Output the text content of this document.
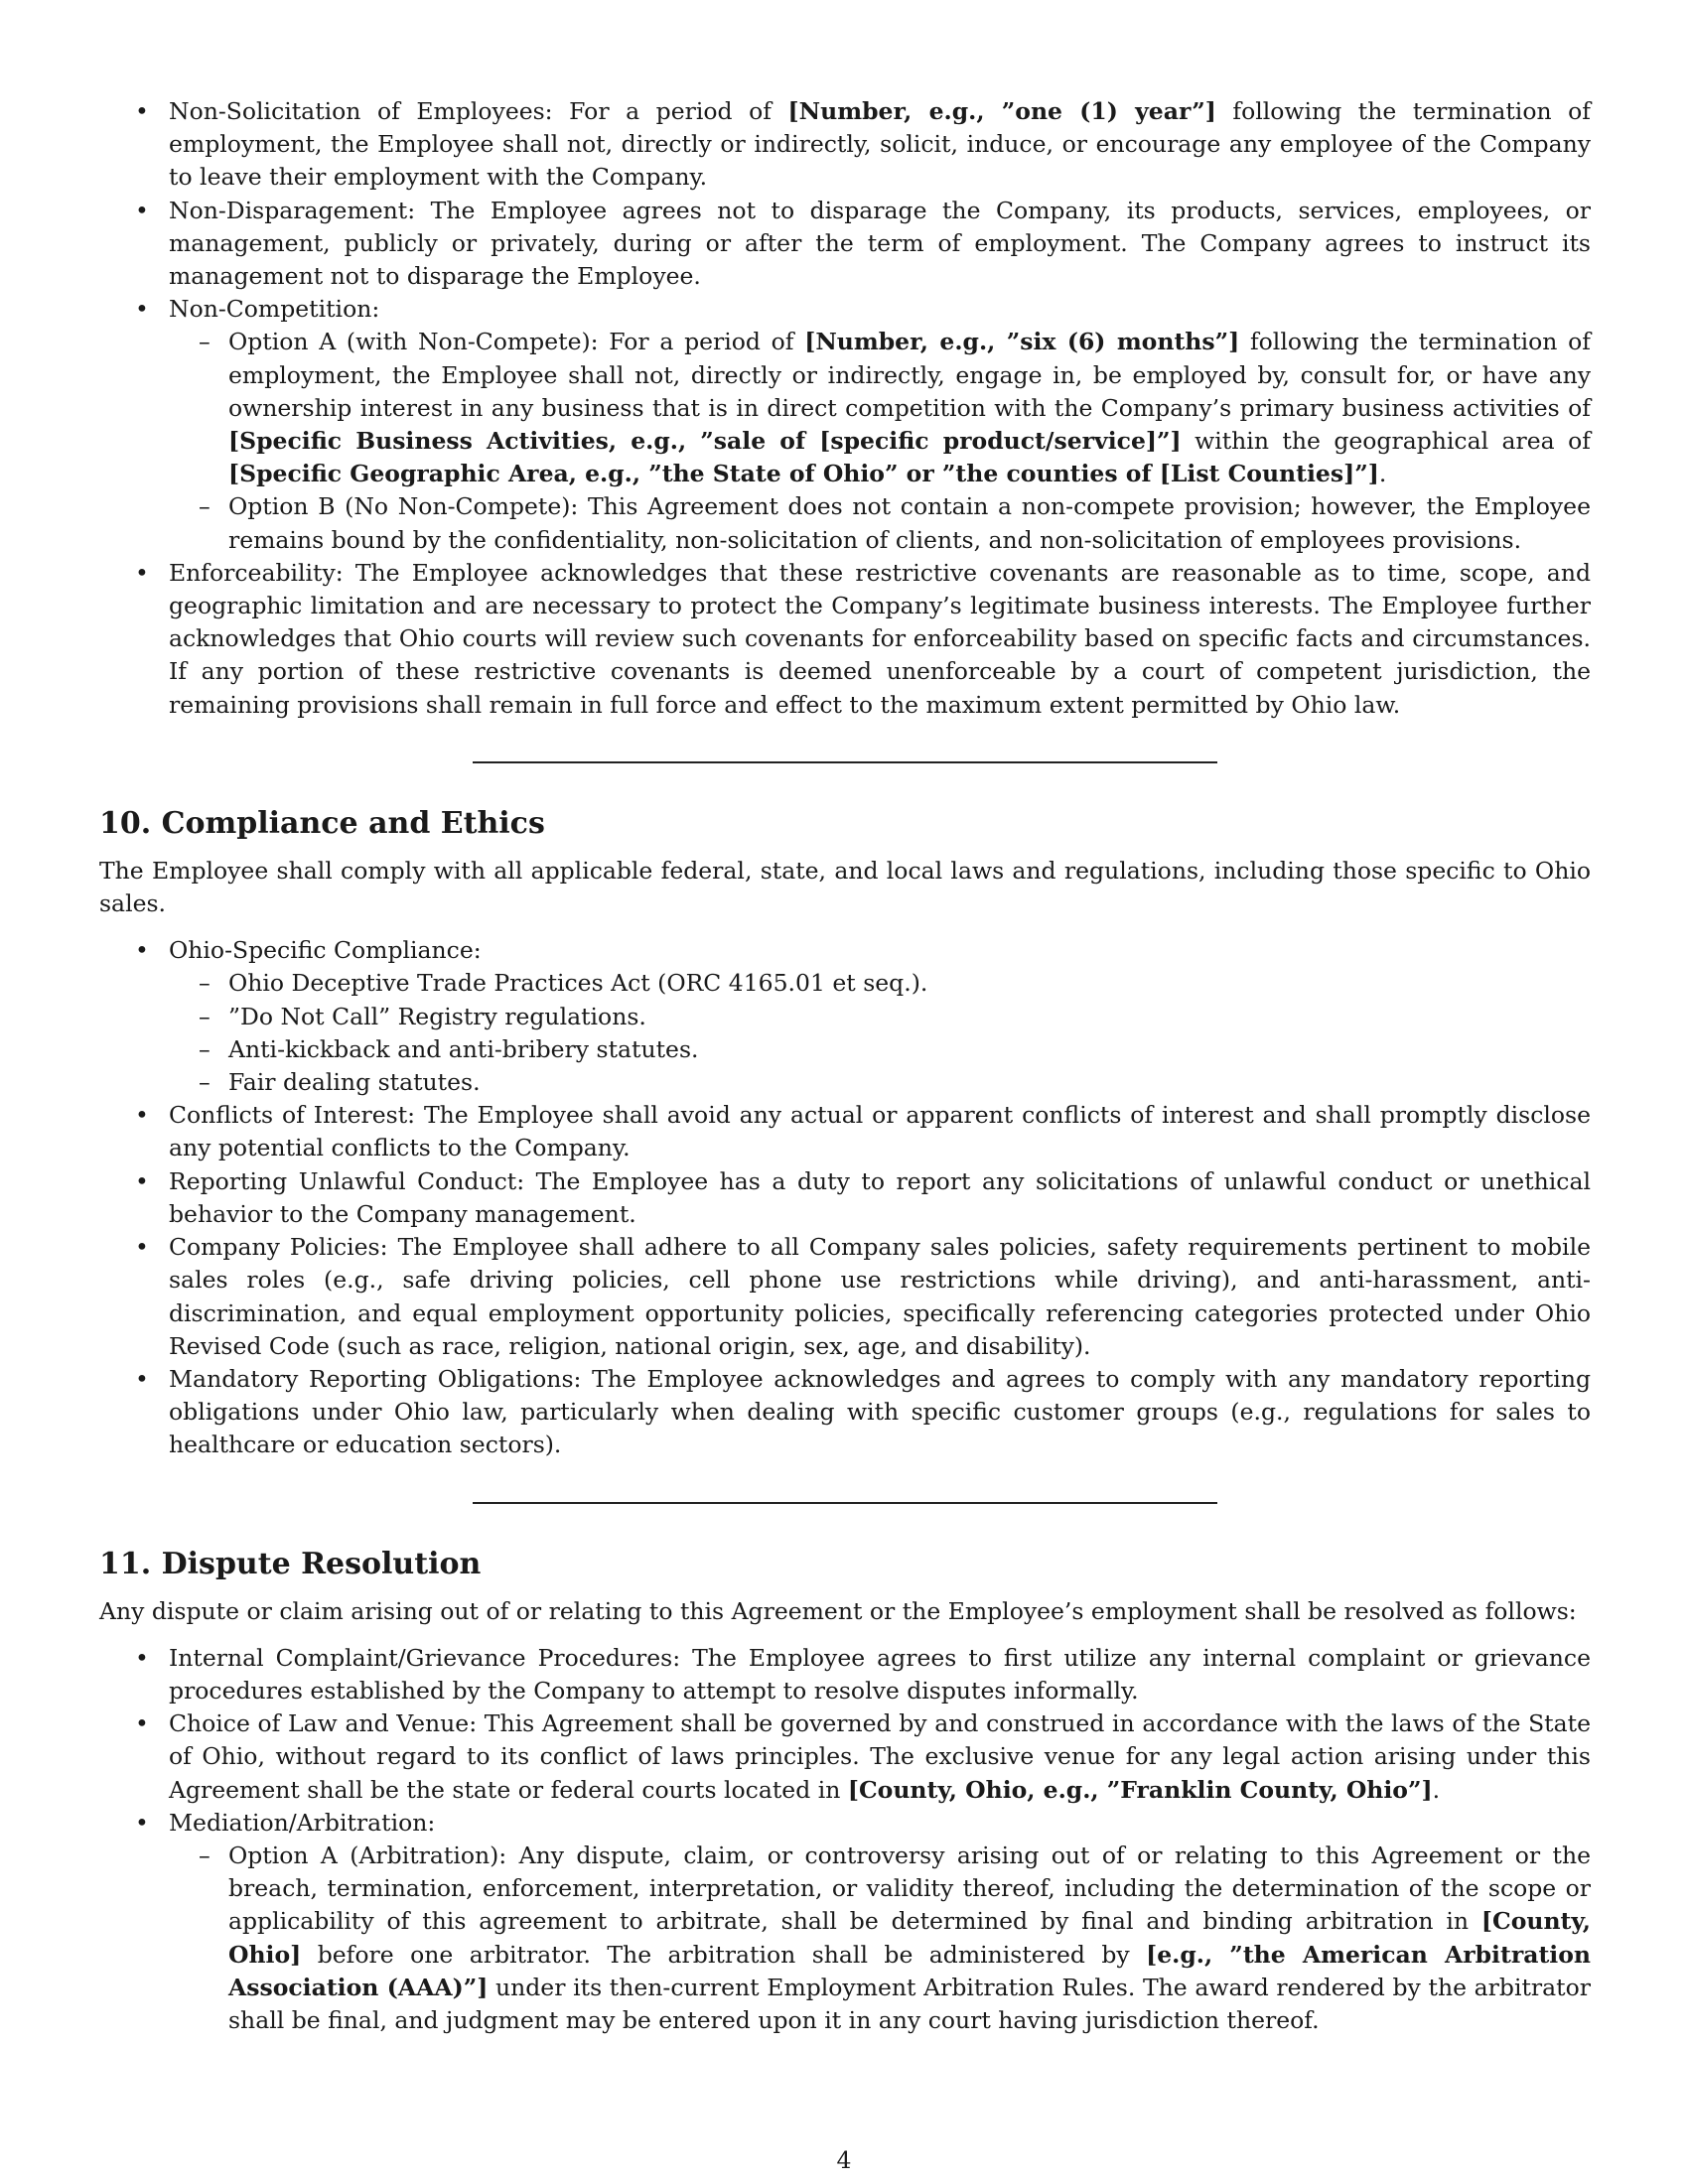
• Non-Solicitation of Employees: For a period of [Number, e.g., ”one (1) year”] following the termination of employment, the Employee shall not, directly or indirectly, solicit, induce, or encourage any employee of the Company to leave their employment with the Company.
• Non-Disparagement: The Employee agrees not to disparage the Company, its products, services, employees, or management, publicly or privately, during or after the term of employment. The Company agrees to instruct its management not to disparage the Employee.
• Non-Competition:
– Option A (with Non-Compete): For a period of [Number, e.g., ”six (6) months”] following the termination of employment, the Employee shall not, directly or indirectly, engage in, be employed by, consult for, or have any ownership interest in any business that is in direct competition with the Company’s primary business activities of [Specific Business Activities, e.g., ”sale of [specific product/service]”] within the geographical area of [Specific Geographic Area, e.g., ”the State of Ohio” or ”the counties of [List Counties]”].
– Option B (No Non-Compete): This Agreement does not contain a non-compete provision; however, the Employee remains bound by the confidentiality, non-solicitation of clients, and non-solicitation of employees provisions.
• Enforceability: The Employee acknowledges that these restrictive covenants are reasonable as to time, scope, and geographic limitation and are necessary to protect the Company’s legitimate business interests. The Employee further acknowledges that Ohio courts will review such covenants for enforceability based on specific facts and circumstances. If any portion of these restrictive covenants is deemed unenforceable by a court of competent jurisdiction, the remaining provisions shall remain in full force and effect to the maximum extent permitted by Ohio law.
10. Compliance and Ethics

The Employee shall comply with all applicable federal, state, and local laws and regulations, including those specific to Ohio sales.

• Ohio-Specific Compliance:
– Ohio Deceptive Trade Practices Act (ORC 4165.01 et seq.).
– ”Do Not Call” Registry regulations.
– Anti-kickback and anti-bribery statutes.
– Fair dealing statutes.
• Conflicts of Interest: The Employee shall avoid any actual or apparent conflicts of interest and shall promptly disclose any potential conflicts to the Company.
• Reporting Unlawful Conduct: The Employee has a duty to report any solicitations of unlawful conduct or unethical behavior to the Company management.
• Company Policies: The Employee shall adhere to all Company sales policies, safety requirements pertinent to mobile sales roles (e.g., safe driving policies, cell phone use restrictions while driving), and anti-harassment, anti-discrimination, and equal employment opportunity policies, specifically referencing categories protected under Ohio Revised Code (such as race, religion, national origin, sex, age, and disability).
• Mandatory Reporting Obligations: The Employee acknowledges and agrees to comply with any mandatory reporting obligations under Ohio law, particularly when dealing with specific customer groups (e.g., regulations for sales to healthcare or education sectors).
11. Dispute Resolution

Any dispute or claim arising out of or relating to this Agreement or the Employee’s employment shall be resolved as follows:

• Internal Complaint/Grievance Procedures: The Employee agrees to first utilize any internal complaint or grievance procedures established by the Company to attempt to resolve disputes informally.
• Choice of Law and Venue: This Agreement shall be governed by and construed in accordance with the laws of the State of Ohio, without regard to its conflict of laws principles. The exclusive venue for any legal action arising under this Agreement shall be the state or federal courts located in [County, Ohio, e.g., ”Franklin County, Ohio”].
• Mediation/Arbitration:
– Option A (Arbitration): Any dispute, claim, or controversy arising out of or relating to this Agreement or the breach, termination, enforcement, interpretation, or validity thereof, including the determination of the scope or applicability of this agreement to arbitrate, shall be determined by final and binding arbitration in [County, Ohio] before one arbitrator. The arbitration shall be administered by [e.g., ”the American Arbitration Association (AAA)”] under its then-current Employment Arbitration Rules. The award rendered by the arbitrator shall be final, and judgment may be entered upon it in any court having jurisdiction thereof.
4
